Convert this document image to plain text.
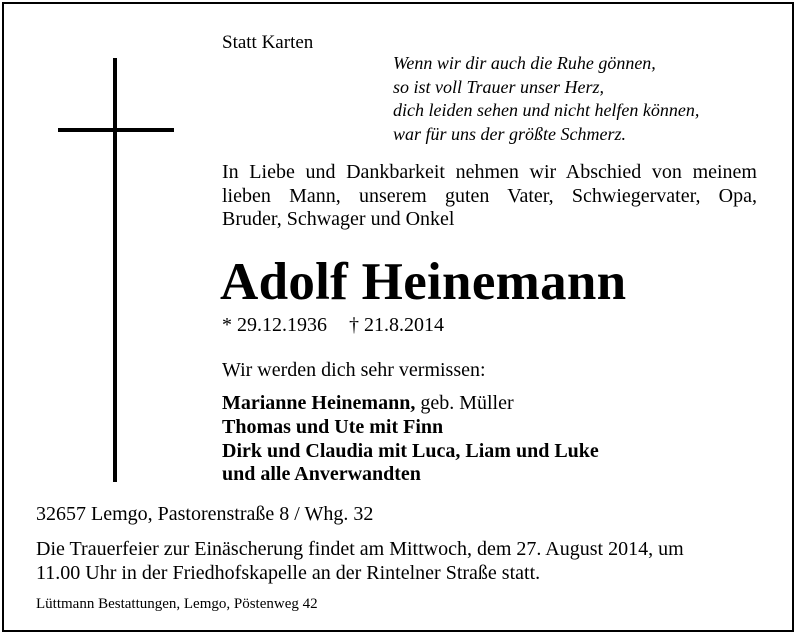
Statt Karten
Wenn wir dir auch die Ruhe gönnen,
so ist voll Trauer unser Herz,
dich leiden sehen und nicht helfen können,
war für uns der größte Schmerz.
In Liebe und Dankbarkeit nehmen wir Abschied von meinem
lieben Mann, unserem guten Vater, Schwiegervater, Opa,
Bruder, Schwager und Onkel
Adolf Heinemann
* 29.12.1936 † 21.8.2014
Wir werden dich sehr vermissen:
Marianne Heinemann, geb. Müller
Thomas und Ute mit Finn
Dirk und Claudia mit Luca, Liam und Luke
und alle Anverwandten
32657 Lemgo, Pastorenstraße 8 / Whg. 32
Die Trauerfeier zur Einäscherung findet am Mittwoch, dem 27. August 2014, um
11.00 Uhr in der Friedhofskapelle an der Rintelner Straße statt.
Lüttmann Bestattungen, Lemgo, Pöstenweg 42
